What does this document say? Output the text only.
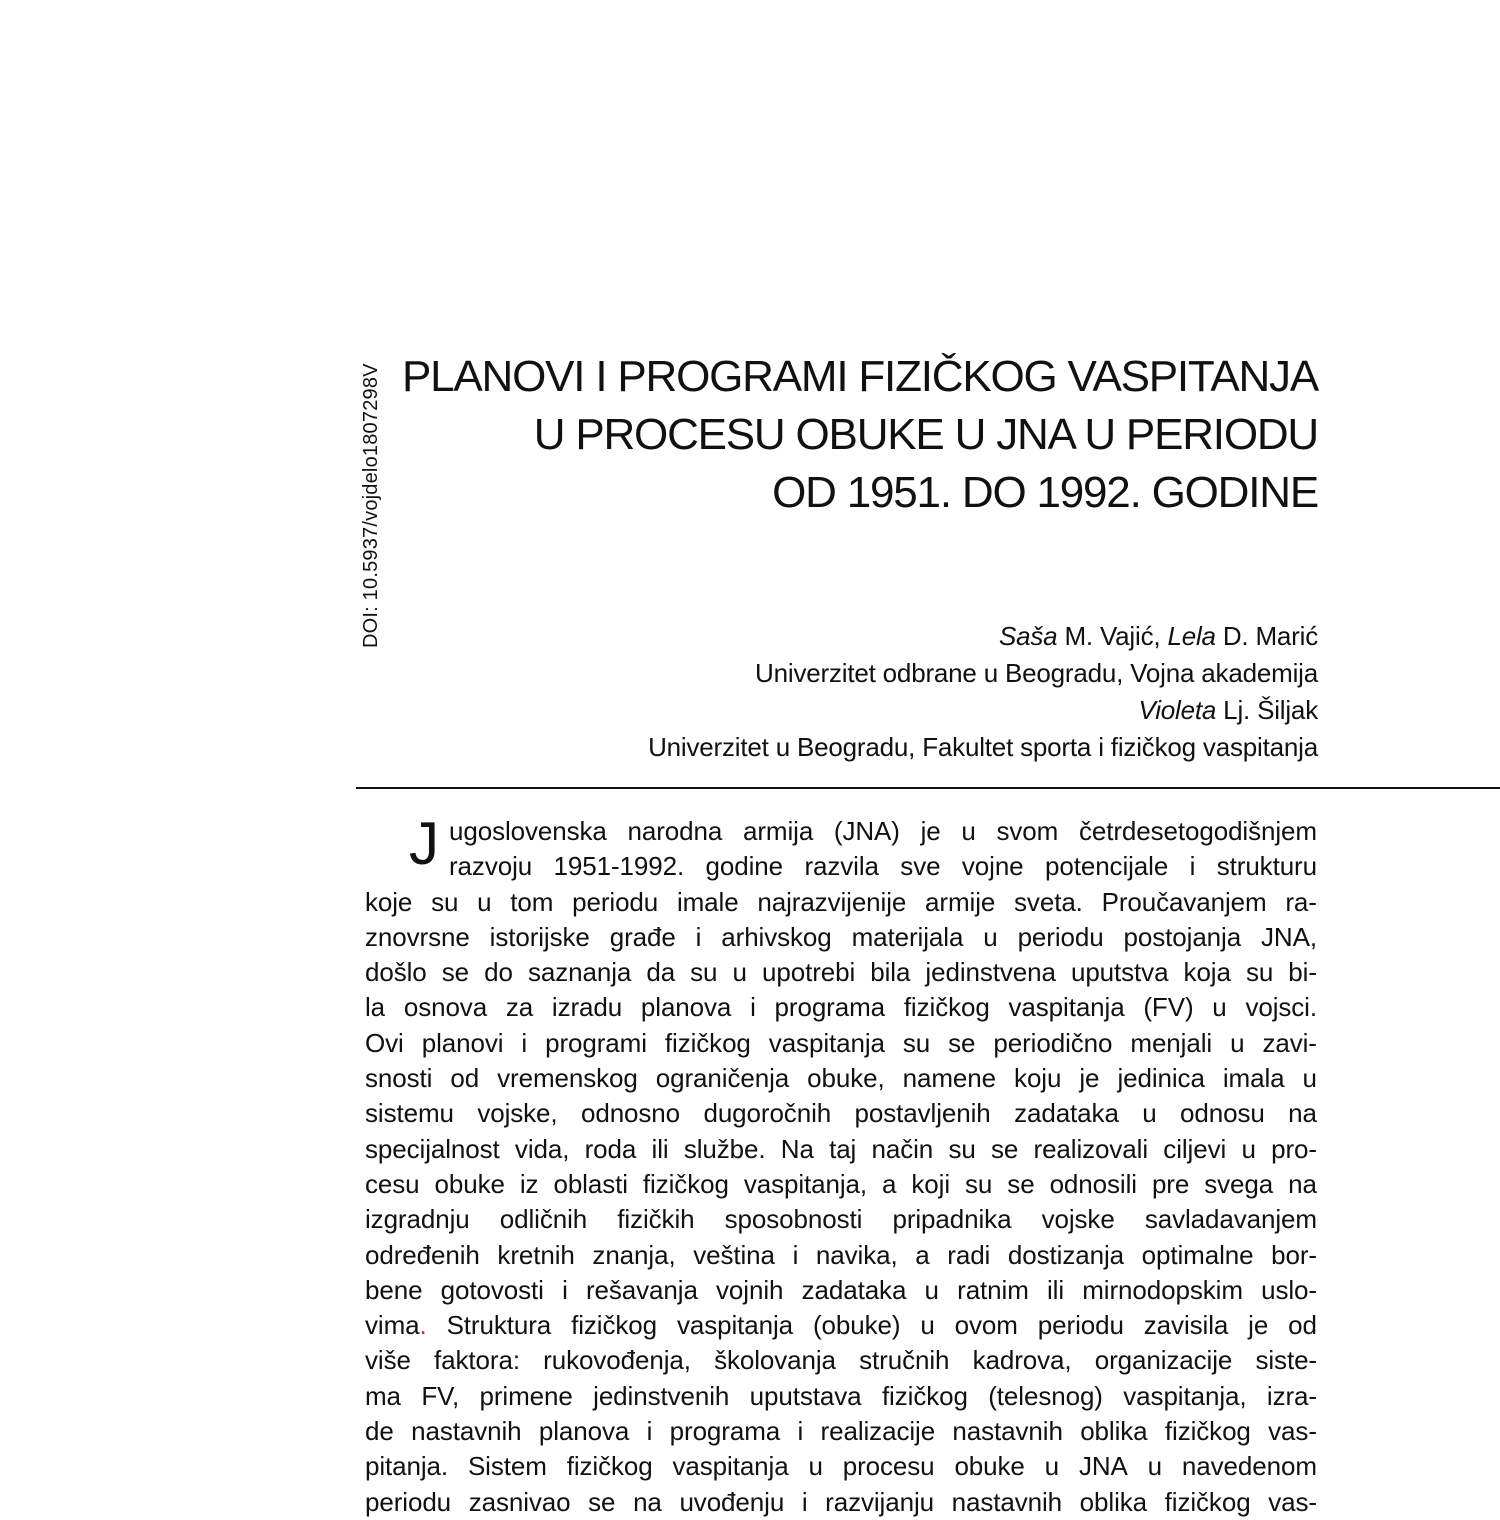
DOI: 10.5937/vojdelo1807298V PLANOVI I PROGRAMI FIZIČKOG VASPITANJA
U PROCESU OBUKE U JNA U PERIODU
OD 1951. DO 1992. GODINE
Saša M. Vajić, Lela D. Marić
Univerzitet odbrane u Beogradu, Vojna akademija
Violeta Lj. Šiljak
Univerzitet u Beogradu, Fakultet sporta i fizičkog vaspitanja
J ugoslovenska narodna armija (JNA) je u svom četrdesetogodišnjem
razvoju 1951-1992. godine razvila sve vojne potencijale i strukturu
koje su u tom periodu imale najrazvijenije armije sveta. Proučavanjem ra-
znovrsne istorijske građe i arhivskog materijala u periodu postojanja JNA,
došlo se do saznanja da su u upotrebi bila jedinstvena uputstva koja su bi-
la osnova za izradu planova i programa fizičkog vaspitanja (FV) u vojsci.
Ovi planovi i programi fizičkog vaspitanja su se periodično menjali u zavi-
snosti od vremenskog ograničenja obuke, namene koju je jedinica imala u
sistemu vojske, odnosno dugoročnih postavljenih zadataka u odnosu na
specijalnost vida, roda ili službe. Na taj način su se realizovali ciljevi u pro-
cesu obuke iz oblasti fizičkog vaspitanja, a koji su se odnosili pre svega na
izgradnju odličnih fizičkih sposobnosti pripadnika vojske savladavanjem
određenih kretnih znanja, veština i navika, a radi dostizanja optimalne bor-
bene gotovosti i rešavanja vojnih zadataka u ratnim ili mirnodopskim uslo-
vima. Struktura fizičkog vaspitanja (obuke) u ovom periodu zavisila je od
više faktora: rukovođenja, školovanja stručnih kadrova, organizacije siste-
ma FV, primene jedinstvenih uputstava fizičkog (telesnog) vaspitanja, izra-
de nastavnih planova i programa i realizacije nastavnih oblika fizičkog vas-
pitanja. Sistem fizičkog vaspitanja u procesu obuke u JNA u navedenom
periodu zasnivao se na uvođenju i razvijanju nastavnih oblika fizičkog vas-
